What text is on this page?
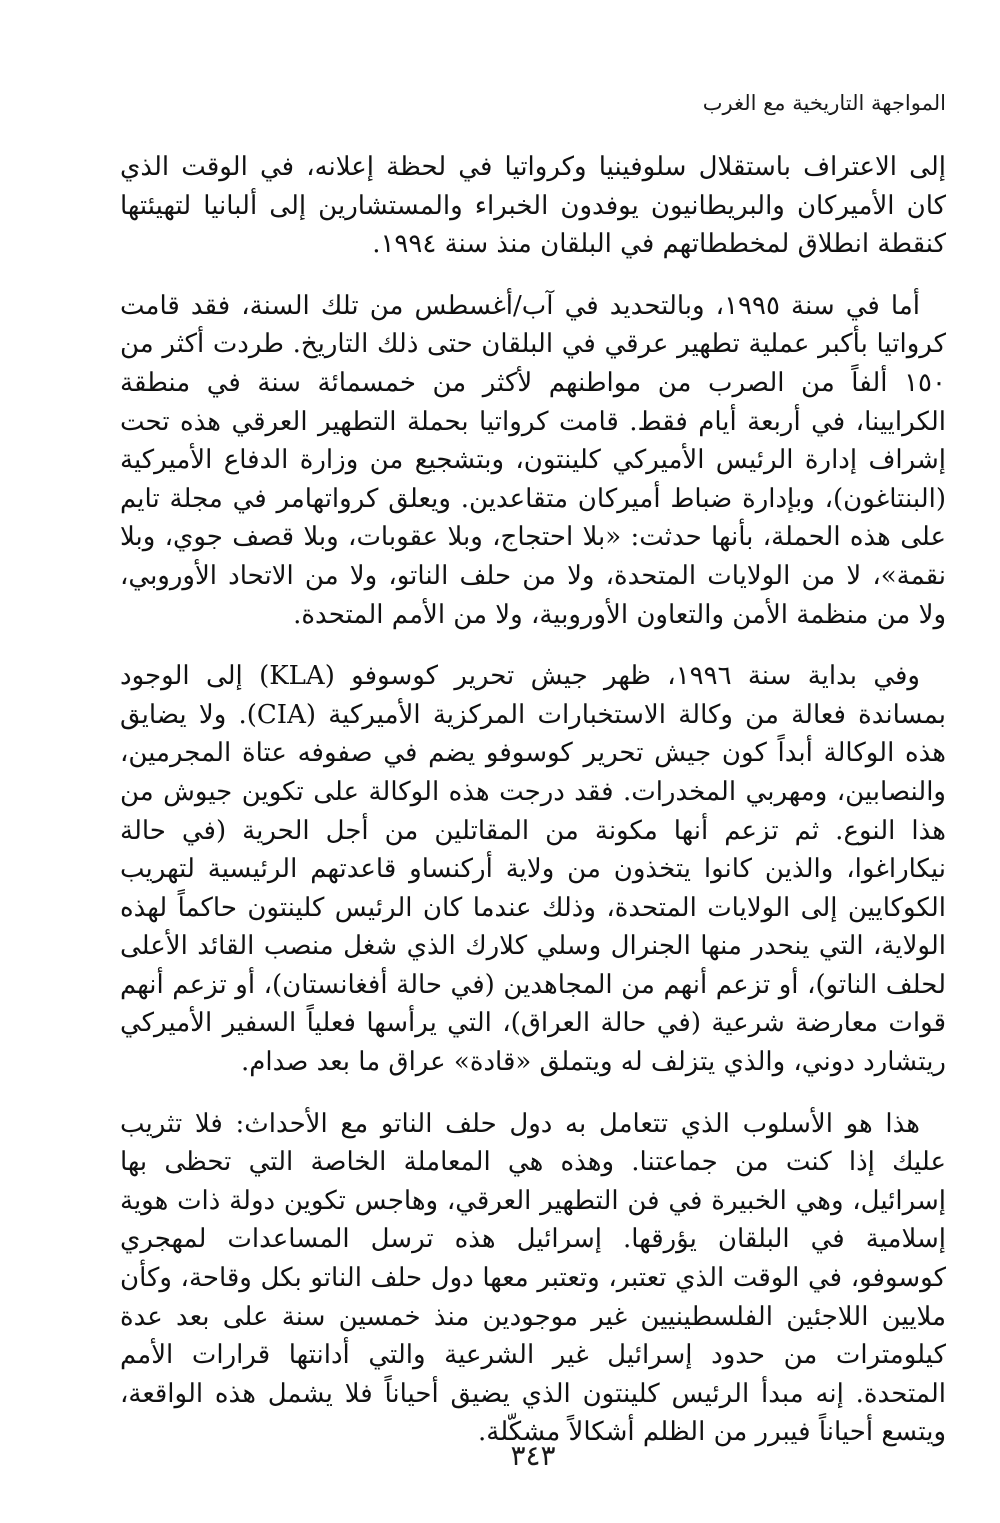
المواجهة التاريخية مع الغرب

إلى الاعتراف باستقلال سلوفينيا وكرواتيا في لحظة إعلانه، في الوقت الذي كان الأميركان والبريطانيون يوفدون الخبراء والمستشارين إلى ألبانيا لتهيئتها كنقطة انطلاق لمخططاتهم في البلقان منذ سنة ١٩٩٤.

أما في سنة ١٩٩٥، وبالتحديد في آب/أغسطس من تلك السنة، فقد قامت كرواتيا بأكبر عملية تطهير عرقي في البلقان حتى ذلك التاريخ. طردت أكثر من ١٥٠ ألفاً من الصرب من مواطنهم لأكثر من خمسمائة سنة في منطقة الكرايينا، في أربعة أيام فقط. قامت كرواتيا بحملة التطهير العرقي هذه تحت إشراف إدارة الرئيس الأميركي كلينتون، وبتشجيع من وزارة الدفاع الأميركية (البنتاغون)، وبإدارة ضباط أميركان متقاعدين. ويعلق كرواتهامر في مجلة تايم على هذه الحملة، بأنها حدثت: «بلا احتجاج، وبلا عقوبات، وبلا قصف جوي، وبلا نقمة»، لا من الولايات المتحدة، ولا من حلف الناتو، ولا من الاتحاد الأوروبي، ولا من منظمة الأمن والتعاون الأوروبية، ولا من الأمم المتحدة.

وفي بداية سنة ١٩٩٦، ظهر جيش تحرير كوسوفو (KLA) إلى الوجود بمساندة فعالة من وكالة الاستخبارات المركزية الأميركية (CIA). ولا يضايق هذه الوكالة أبداً كون جيش تحرير كوسوفو يضم في صفوفه عتاة المجرمين، والنصابين، ومهربي المخدرات. فقد درجت هذه الوكالة على تكوين جيوش من هذا النوع. ثم تزعم أنها مكونة من المقاتلين من أجل الحرية (في حالة نيكاراغوا، والذين كانوا يتخذون من ولاية أركنساو قاعدتهم الرئيسية لتهريب الكوكايين إلى الولايات المتحدة، وذلك عندما كان الرئيس كلينتون حاكماً لهذه الولاية، التي ينحدر منها الجنرال وسلي كلارك الذي شغل منصب القائد الأعلى لحلف الناتو)، أو تزعم أنهم من المجاهدين (في حالة أفغانستان)، أو تزعم أنهم قوات معارضة شرعية (في حالة العراق)، التي يرأسها فعلياً السفير الأميركي ريتشارد دوني، والذي يتزلف له ويتملق «قادة» عراق ما بعد صدام.

هذا هو الأسلوب الذي تتعامل به دول حلف الناتو مع الأحداث: فلا تثريب عليك إذا كنت من جماعتنا. وهذه هي المعاملة الخاصة التي تحظى بها إسرائيل، وهي الخبيرة في فن التطهير العرقي، وهاجس تكوين دولة ذات هوية إسلامية في البلقان يؤرقها. إسرائيل هذه ترسل المساعدات لمهجري كوسوفو، في الوقت الذي تعتبر، وتعتبر معها دول حلف الناتو بكل وقاحة، وكأن ملايين اللاجئين الفلسطينيين غير موجودين منذ خمسين سنة على بعد عدة كيلومترات من حدود إسرائيل غير الشرعية والتي أدانتها قرارات الأمم المتحدة. إنه مبدأ الرئيس كلينتون الذي يضيق أحياناً فلا يشمل هذه الواقعة، ويتسع أحياناً فيبرر من الظلم أشكالاً مشكّلة.

٣٤٣
